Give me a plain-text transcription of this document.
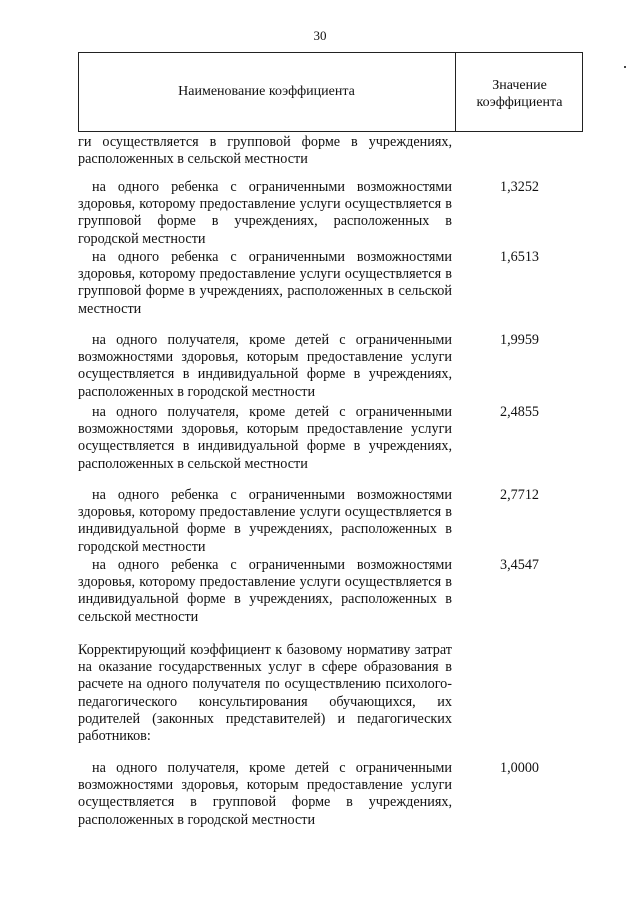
30
Наименование коэффициента	Значение
коэффициента
ги осуществляется в групповой форме в учреждениях, расположенных в сельской местности
на одного ребенка с ограниченными возможностями здоровья, которому предоставление услуги осуществляется в групповой форме в учреждениях, расположенных в городской местности
1,3252
на одного ребенка с ограниченными возможностями здоровья, которому предоставление услуги осуществляется в групповой форме в учреждениях, расположенных в сельской местности
1,6513
на одного получателя, кроме детей с ограниченными возможностями здоровья, которым предоставление услуги осуществляется в индивидуальной форме в учреждениях, расположенных в городской местности
1,9959
на одного получателя, кроме детей с ограниченными возможностями здоровья, которым предоставление услуги осуществляется в индивидуальной форме в учреждениях, расположенных в сельской местности
2,4855
на одного ребенка с ограниченными возможностями здоровья, которому предоставление услуги осуществляется в индивидуальной форме в учреждениях, расположенных в городской местности
2,7712
на одного ребенка с ограниченными возможностями здоровья, которому предоставление услуги осуществляется в индивидуальной форме в учреждениях, расположенных в сельской местности
3,4547
Корректирующий коэффициент к базовому нормативу затрат на оказание государственных услуг в сфере образования в расчете на одного получателя по осуществлению психолого-педагогического консультирования обучающихся, их родителей (законных представителей) и педагогических работников:
на одного получателя, кроме детей с ограниченными возможностями здоровья, которым предоставление услуги осуществляется в групповой форме в учреждениях, расположенных в городской местности
1,0000
